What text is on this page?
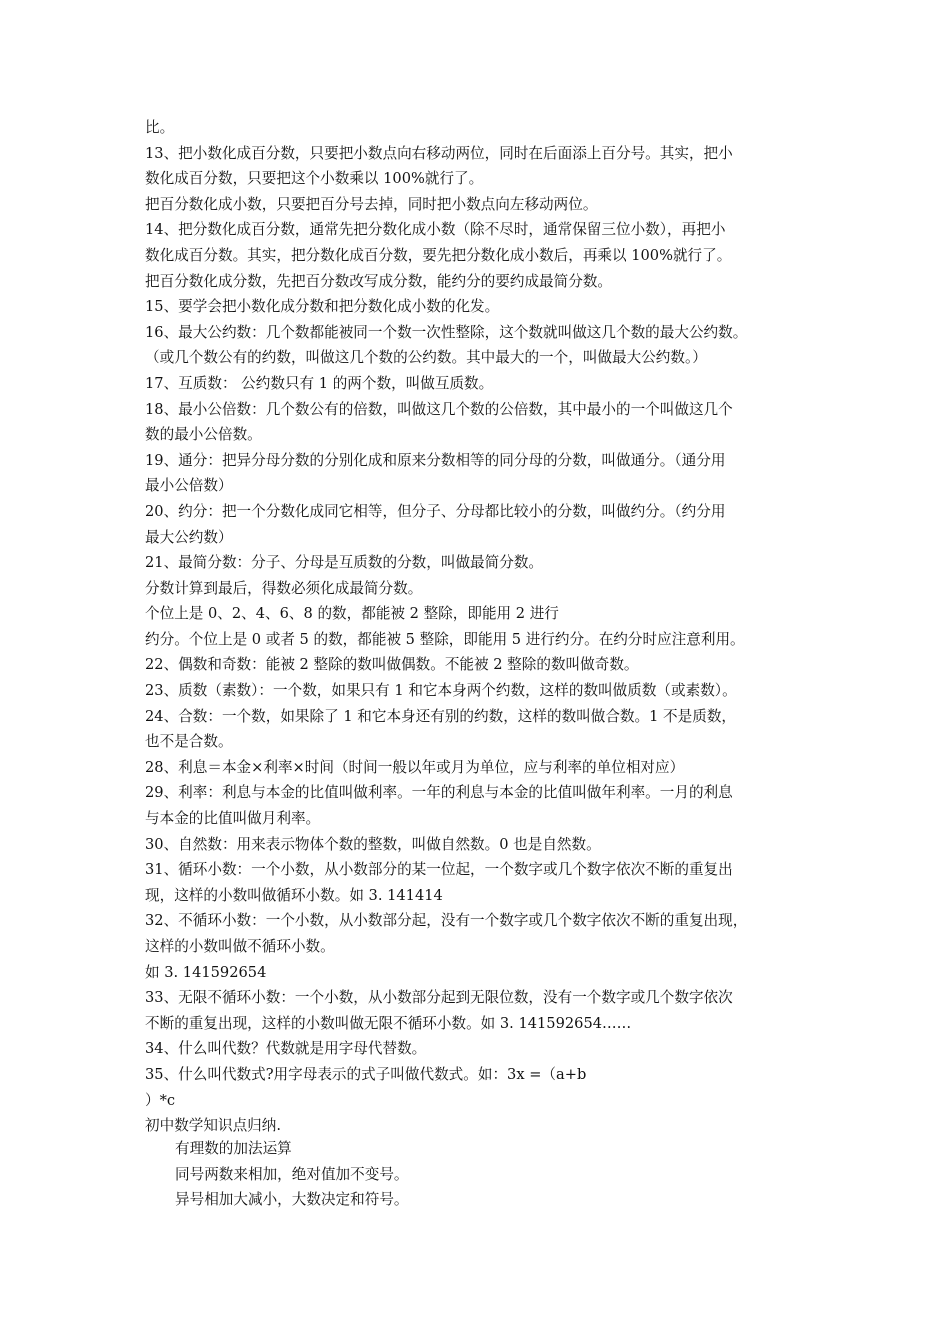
比。
13、把小数化成百分数，只要把小数点向右移动两位，同时在后面添上百分号。其实，把小
数化成百分数，只要把这个小数乘以 100%就行了。
把百分数化成小数，只要把百分号去掉，同时把小数点向左移动两位。
14、把分数化成百分数，通常先把分数化成小数（除不尽时，通常保留三位小数），再把小
数化成百分数。其实，把分数化成百分数，要先把分数化成小数后，再乘以 100%就行了。
把百分数化成分数，先把百分数改写成分数，能约分的要约成最简分数。
15、要学会把小数化成分数和把分数化成小数的化发。
16、最大公约数：几个数都能被同一个数一次性整除，这个数就叫做这几个数的最大公约数。
（或几个数公有的约数，叫做这几个数的公约数。其中最大的一个，叫做最大公约数。）
17、互质数： 公约数只有 1 的两个数，叫做互质数。
18、最小公倍数：几个数公有的倍数，叫做这几个数的公倍数，其中最小的一个叫做这几个
数的最小公倍数。
19、通分：把异分母分数的分别化成和原来分数相等的同分母的分数，叫做通分。（通分用
最小公倍数）
20、约分：把一个分数化成同它相等，但分子、分母都比较小的分数，叫做约分。（约分用
最大公约数）
21、最简分数：分子、分母是互质数的分数，叫做最简分数。
分数计算到最后，得数必须化成最简分数。
个位上是 0、2、4、6、8 的数，都能被 2 整除，即能用 2 进行
约分。个位上是 0 或者 5 的数，都能被 5 整除，即能用 5 进行约分。在约分时应注意利用。
22、偶数和奇数：能被 2 整除的数叫做偶数。不能被 2 整除的数叫做奇数。
23、质数（素数）：一个数，如果只有 1 和它本身两个约数，这样的数叫做质数（或素数）。
24、合数：一个数，如果除了 1 和它本身还有别的约数，这样的数叫做合数。1 不是质数，
也不是合数。
28、利息＝本金×利率×时间（时间一般以年或月为单位，应与利率的单位相对应）
29、利率：利息与本金的比值叫做利率。一年的利息与本金的比值叫做年利率。一月的利息
与本金的比值叫做月利率。
30、自然数：用来表示物体个数的整数，叫做自然数。0 也是自然数。
31、循环小数：一个小数，从小数部分的某一位起，一个数字或几个数字依次不断的重复出
现，这样的小数叫做循环小数。如 3. 141414
32、不循环小数：一个小数，从小数部分起，没有一个数字或几个数字依次不断的重复出现，
这样的小数叫做不循环小数。
如 3. 141592654
33、无限不循环小数：一个小数，从小数部分起到无限位数，没有一个数字或几个数字依次
不断的重复出现，这样的小数叫做无限不循环小数。如 3. 141592654……
34、什么叫代数？代数就是用字母代替数。
35、什么叫代数式?用字母表示的式子叫做代数式。如：3x =（a+b
）*c
初中数学知识点归纳.
有理数的加法运算
同号两数来相加，绝对值加不变号。
异号相加大减小，大数决定和符号。
